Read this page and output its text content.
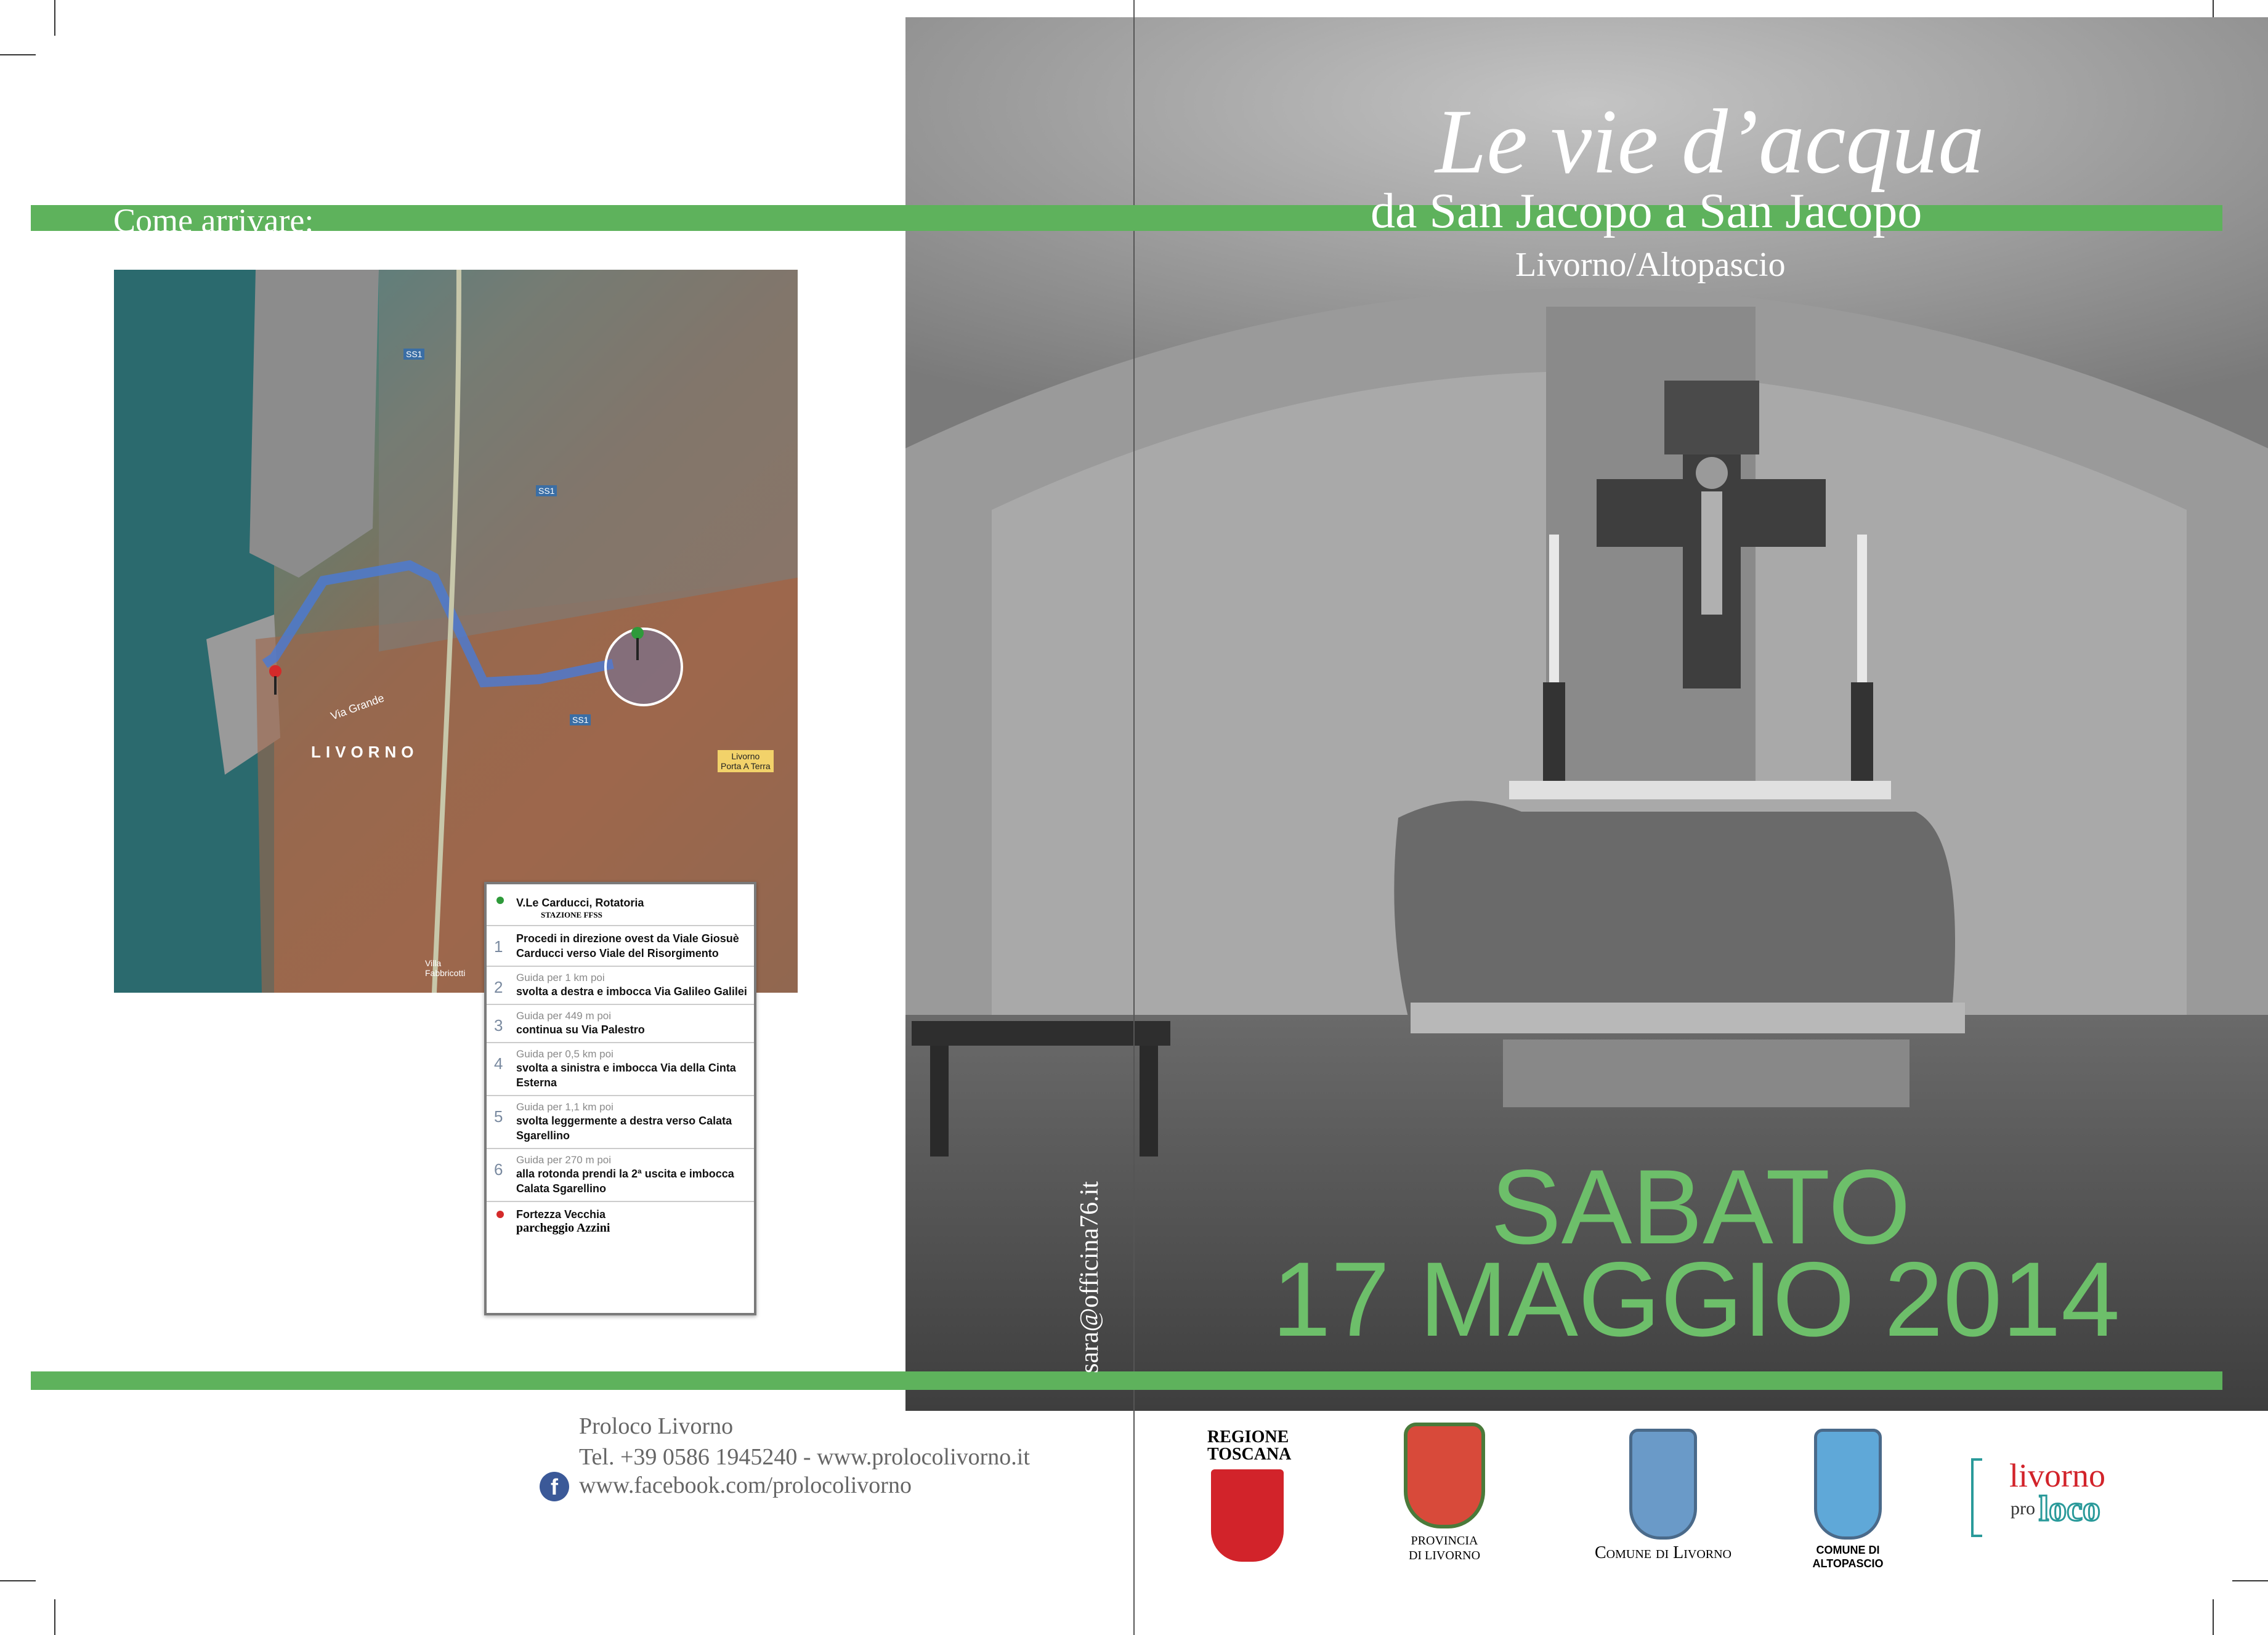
Come arrivare:
LIVORNO
Via Grande
SS1
SS1
SS1
Livorno
Porta A Terra
Villa Fabbricotti
V.Le Carducci, Rotatoria
STAZIONE FFSS
1 Procedi in direzione ovest da Viale Giosuè Carducci verso Viale del Risorgimento
2
Guida per 1 km poi
svolta a destra e imbocca Via Galileo Galilei
3
Guida per 449 m poi
continua su Via Palestro
4
Guida per 0,5 km poi
svolta a sinistra e imbocca Via della Cinta Esterna
5
Guida per 1,1 km poi
svolta leggermente a destra verso Calata Sgarellino
6
Guida per 270 m poi
alla rotonda prendi la 2ª uscita e imbocca Calata Sgarellino
Fortezza Vecchia
parcheggio Azzini
Le vie d’acqua
da San Jacopo a San Jacopo
Livorno/Altopascio
SABATO
17 MAGGIO 2014
sara@officina76.it
Proloco Livorno
Tel. +39 0586 1945240 - www.prolocolivorno.it
f www.facebook.com/prolocolivorno
REGIONE
TOSCANA
PROVINCIA
DI LIVORNO	Comune di Livorno	COMUNE DI
ALTOPASCIO
livorno
pro loco
